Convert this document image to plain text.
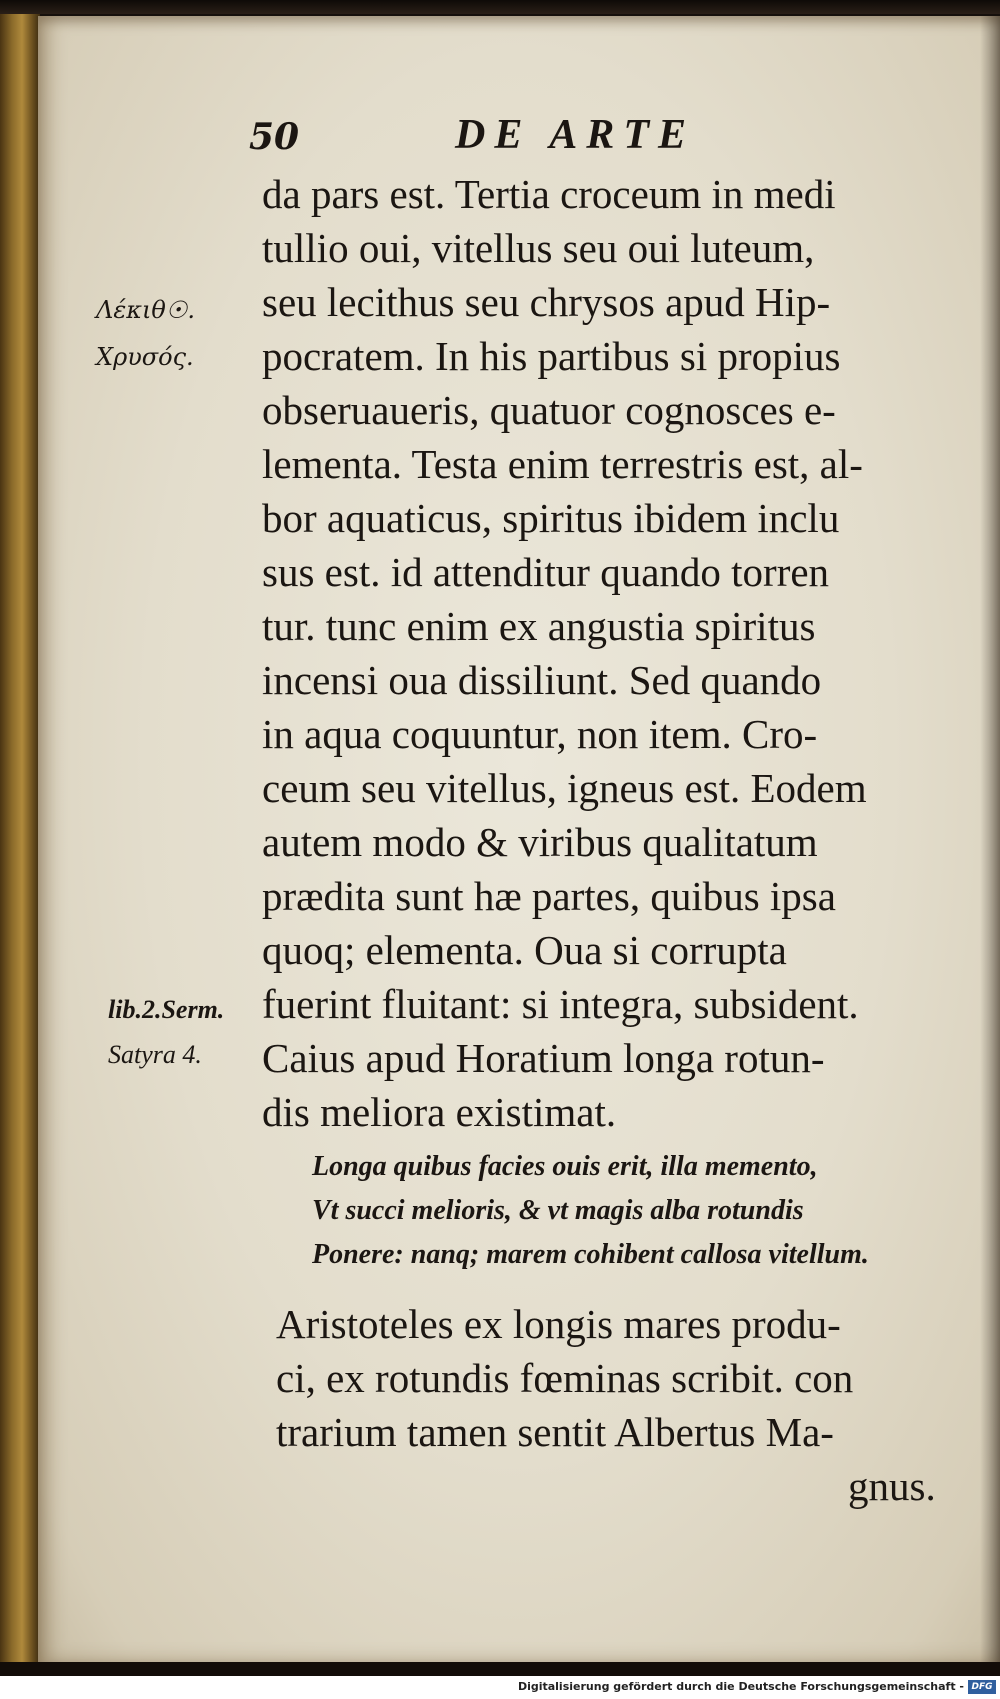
50	DE ARTE
Λέκιθ☉.
Χρυσός.
lib.2.Serm.
Satyra 4.
da pars est. Tertia croceum in medi
tullio oui, vitellus seu oui luteum,
seu lecithus seu chrysos apud Hip-
pocratem. In his partibus si propius
obseruaueris, quatuor cognosces e-
lementa. Testa enim terrestris est, al-
bor aquaticus, spiritus ibidem inclu
sus est. id attenditur quando torren
tur. tunc enim ex angustia spiritus
incensi oua dissiliunt. Sed quando
in aqua coquuntur, non item. Cro-
ceum seu vitellus, igneus est. Eodem
autem modo & viribus qualitatum
prædita sunt hæ partes, quibus ipsa
quoq; elementa. Oua si corrupta
fuerint fluitant: si integra, subsident.
Caius apud Horatium longa rotun-
dis meliora existimat.
Longa quibus facies ouis erit, illa memento,
Vt succi melioris, & vt magis alba rotundis
Ponere: nanq; marem cohibent callosa vitellum.
Aristoteles ex longis mares produ-
ci, ex rotundis fœminas scribit. con
trarium tamen sentit Albertus Ma-
gnus.
Digitalisierung gefördert durch die Deutsche Forschungsgemeinschaft - DFG
